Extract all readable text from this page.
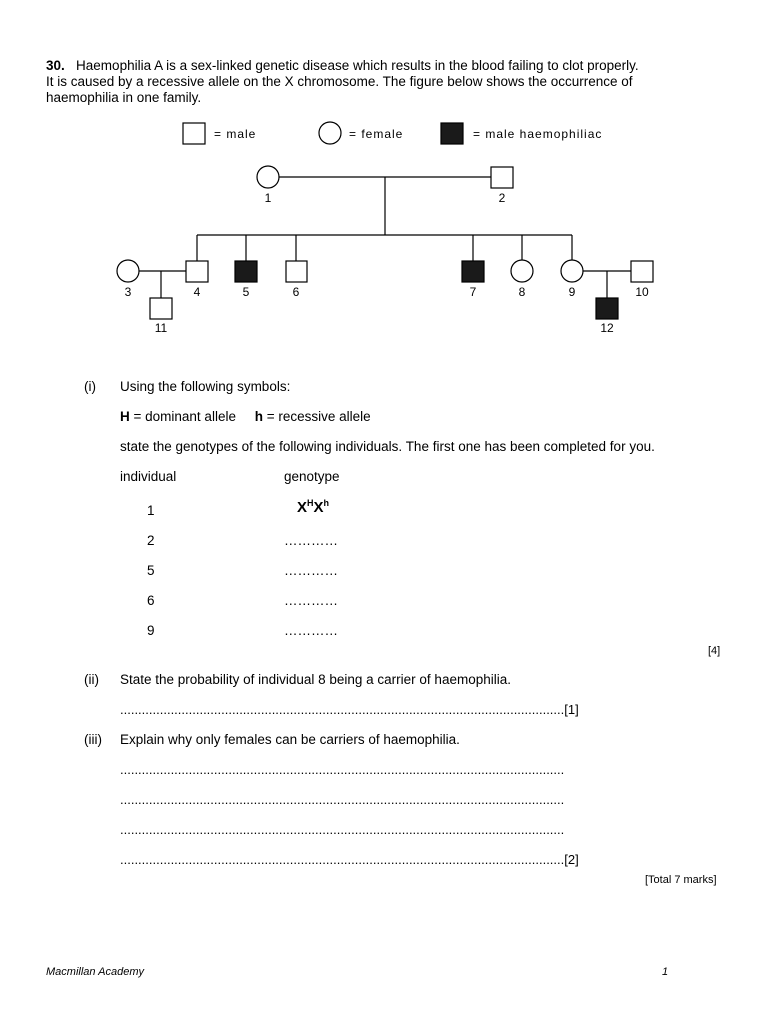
30. Haemophilia A is a sex-linked genetic disease which results in the blood failing to clot properly.
It is caused by a recessive allele on the X chromosome. The figure below shows the occurrence of
haemophilia in one family.
= male	= female	= male haemophiliac
1	2
3	4	5	6	7	8	9	10
11	12
(i) Using the following symbols:
H = dominant allele h = recessive allele
state the genotypes of the following individuals. The first one has been completed for you.
individual	genotype
1	$X^HX^h$
2	…………
5	…………
6	…………
9	…………
[4]
(ii) State the probability of individual 8 being a carrier of haemophilia.
...........................................................................................................................[1]
(iii) Explain why only females can be carriers of haemophilia.
...........................................................................................................................
...........................................................................................................................
...........................................................................................................................
...........................................................................................................................[2]
[Total 7 marks]
Macmillan Academy	1
